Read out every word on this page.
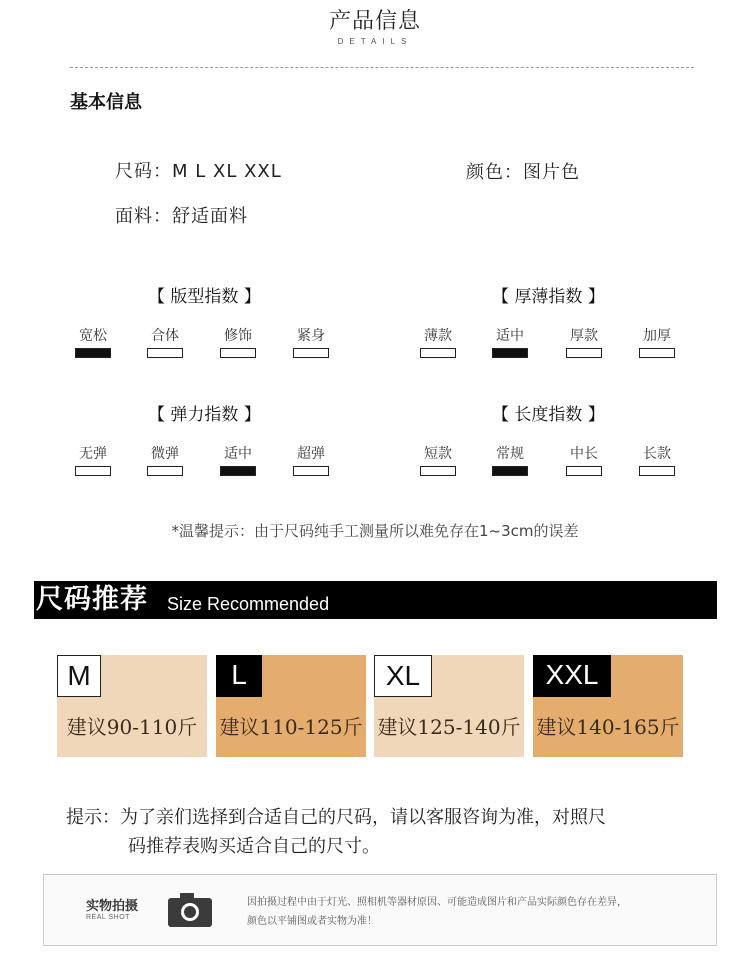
产品信息
DETAILS
基本信息
尺码：M L XL XXL	颜色：图片色
面料：舒适面料
【 版型指数 】
宽松	合体	修饰	紧身
【 厚薄指数 】
薄款	适中	厚款	加厚
【 弹力指数 】
无弹	微弹	适中	超弹
【 长度指数 】
短款	常规	中长	长款
*温馨提示：由于尺码纯手工测量所以难免存在1~3cm的误差
尺码推荐 Size Recommended
M
建议90-110斤
L
建议110-125斤
XL
建议125-140斤
XXL
建议140-165斤
提示：为了亲们选择到合适自己的尺码，请以客服咨询为准，对照尺
码推荐表购买适合自己的尺寸。
实物拍摄
REAL SHOT
因拍摄过程中由于灯光、照相机等器材原因、可能造成图片和产品实际颜色存在差异，
颜色以平铺图或者实物为准！
